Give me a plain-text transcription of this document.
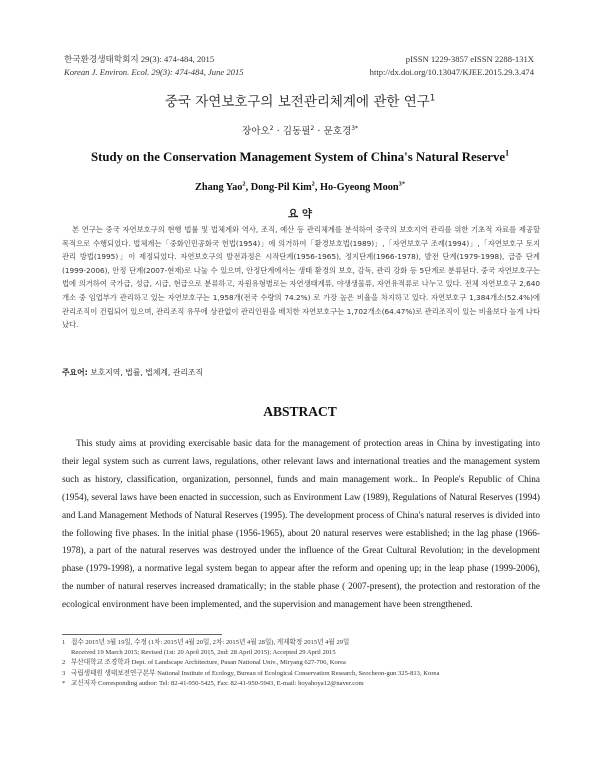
한국환경생태학회지 29(3): 474-484, 2015
Korean J. Environ. Ecol. 29(3): 474-484, June 2015
pISSN 1229-3857 eISSN 2288-131X
http://dx.doi.org/10.13047/KJEE.2015.29.3.474
중국 자연보호구의 보전관리체계에 관한 연구$^1$
장아오$^2$ · 김동필$^2$ · 문호경$^{3*}$
Study on the Conservation Management System of China's Natural Reserve$^1$
Zhang Yao$^2$, Dong-Pil Kim$^2$, Ho-Gyeong Moon$^{3*}$
요 약

본 연구는 중국 자연보호구의 현행 법률 및 법체계와 역사, 조직, 예산 등 관리체계를 분석하여 중국의 보호지역 관리를 위한 기초적 자료를 제공할 목적으로 수행되었다. 법체계는「중화인민공화국 헌법(1954)」에 의거하여「환경보호법(1989)」,「자연보호구 조례(1994)」,「자연보호구 토지 관리 방법(1995)」이 제정되었다. 자연보호구의 발전과정은 시작단계(1956-1965), 정지단계(1966-1978), 발전 단계(1979-1998), 급증 단계(1999-2006), 안정 단계(2007-현재)로 나눌 수 있으며, 안정단계에서는 생태 환경의 보호, 감독, 관리 강화 등 5단계로 분류된다. 중국 자연보호구는 법에 의거하여 국가급, 성급, 시급, 현급으로 분류하고, 자원유형별로는 자연생태계류, 야생생물류, 자연유적류로 나누고 있다. 전체 자연보호구 2,640개소 중 임업부가 관리하고 있는 자연보호구는 1,958개(전국 수량의 74.2%) 로 가장 높은 비율을 차지하고 있다. 자연보호구 1,384개소(52.4%)에 관리조직이 건립되어 있으며, 관리조직 유무에 상관없이 관리인원을 배치한 자연보호구는 1,702개소(64.47%)로 관리조직이 있는 비율보다 높게 나타났다.

주요어: 보호지역, 법률, 법체계, 관리조직
ABSTRACT

This study aims at providing exercisable basic data for the management of protection areas in China by investigating into their legal system such as current laws, regulations, other relevant laws and international treaties and the management system such as history, classification, organization, personnel, funds and main management work.. In People's Republic of China (1954), several laws have been enacted in succession, such as Environment Law (1989), Regulations of Natural Reserves (1994) and Land Management Methods of Natural Reserves (1995). The development process of China's natural reserves is divided into the following five phases. In the initial phase (1956-1965), about 20 natural reserves were established; in the lag phase (1966-1978), a part of the natural reserves was destroyed under the influence of the Great Cultural Revolution; in the development phase (1979-1998), a normative legal system began to appear after the reform and opening up; in the leap phase (1999-2006), the number of natural reserves increased dramatically; in the stable phase ( 2007-present), the protection and restoration of the ecological environment have been implemented, and the supervision and management have been strengthened.

1 접수 2015년 3월 19일, 수정 (1차: 2015년 4월 20일, 2차: 2015년 4월 28일), 게재확정 2015년 4월 29일
Received 19 March 2015; Revised (1st: 20 April 2015, 2nd: 28 April 2015); Accepted 29 April 2015
2 부산대학교 조경학과 Dept. of Landscape Architecture, Pusan National Univ., Miryang 627-706, Korea
3 국립생태원 생태보전연구본부 National Institute of Ecology, Bureau of Ecological Conservation Research, Seocheon-gun 325-813, Korea
* 교신저자 Corresponding author: Tel: 82-41-950-5425, Fax: 82-41-950-5943, E-mail: hoyahoya12@naver.com
